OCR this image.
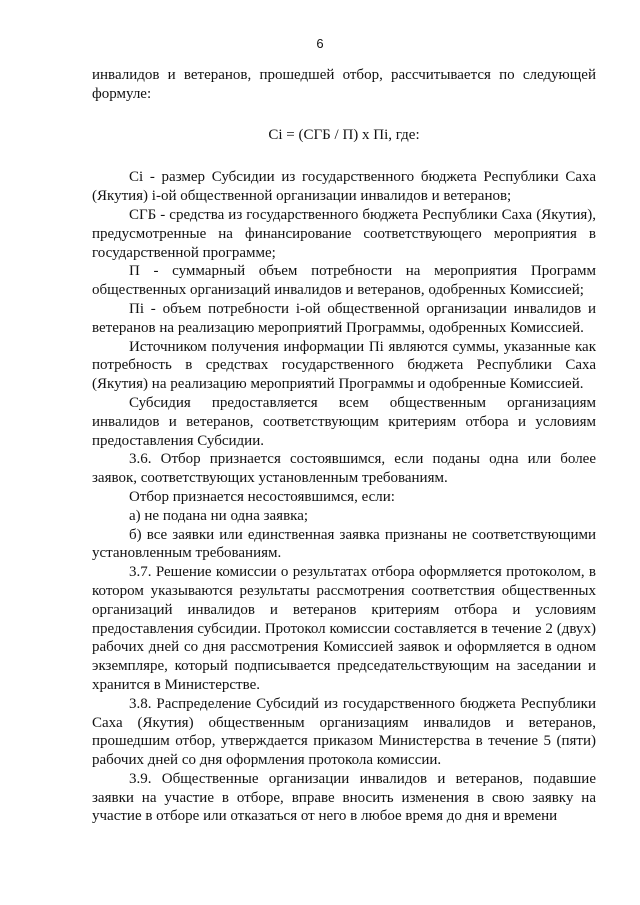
6

инвалидов и ветеранов, прошедшей отбор, рассчитывается по следующей формуле:

Ci = (СГБ / П) х Пi, где:

Ci - размер Субсидии из государственного бюджета Республики Саха (Якутия) i-ой общественной организации инвалидов и ветеранов;

СГБ - средства из государственного бюджета Республики Саха (Якутия), предусмотренные на финансирование соответствующего мероприятия в государственной программе;

П - суммарный объем потребности на мероприятия Программ общественных организаций инвалидов и ветеранов, одобренных Комиссией;

Пi - объем потребности i-ой общественной организации инвалидов и ветеранов на реализацию мероприятий Программы, одобренных Комиссией.

Источником получения информации Пi являются суммы, указанные как потребность в средствах государственного бюджета Республики Саха (Якутия) на реализацию мероприятий Программы и одобренные Комиссией.

Субсидия предоставляется всем общественным организациям инвалидов и ветеранов, соответствующим критериям отбора и условиям предоставления Субсидии.

3.6. Отбор признается состоявшимся, если поданы одна или более заявок, соответствующих установленным требованиям.

Отбор признается несостоявшимся, если:

а) не подана ни одна заявка;

б) все заявки или единственная заявка признаны не соответствующими установленным требованиям.

3.7. Решение комиссии о результатах отбора оформляется протоколом, в котором указываются результаты рассмотрения соответствия общественных организаций инвалидов и ветеранов критериям отбора и условиям предоставления субсидии. Протокол комиссии составляется в течение 2 (двух) рабочих дней со дня рассмотрения Комиссией заявок и оформляется в одном экземпляре, который подписывается председательствующим на заседании и хранится в Министерстве.

3.8. Распределение Субсидий из государственного бюджета Республики Саха (Якутия) общественным организациям инвалидов и ветеранов, прошедшим отбор, утверждается приказом Министерства в течение 5 (пяти) рабочих дней со дня оформления протокола комиссии.

3.9. Общественные организации инвалидов и ветеранов, подавшие заявки на участие в отборе, вправе вносить изменения в свою заявку на участие в отборе или отказаться от него в любое время до дня и времени
